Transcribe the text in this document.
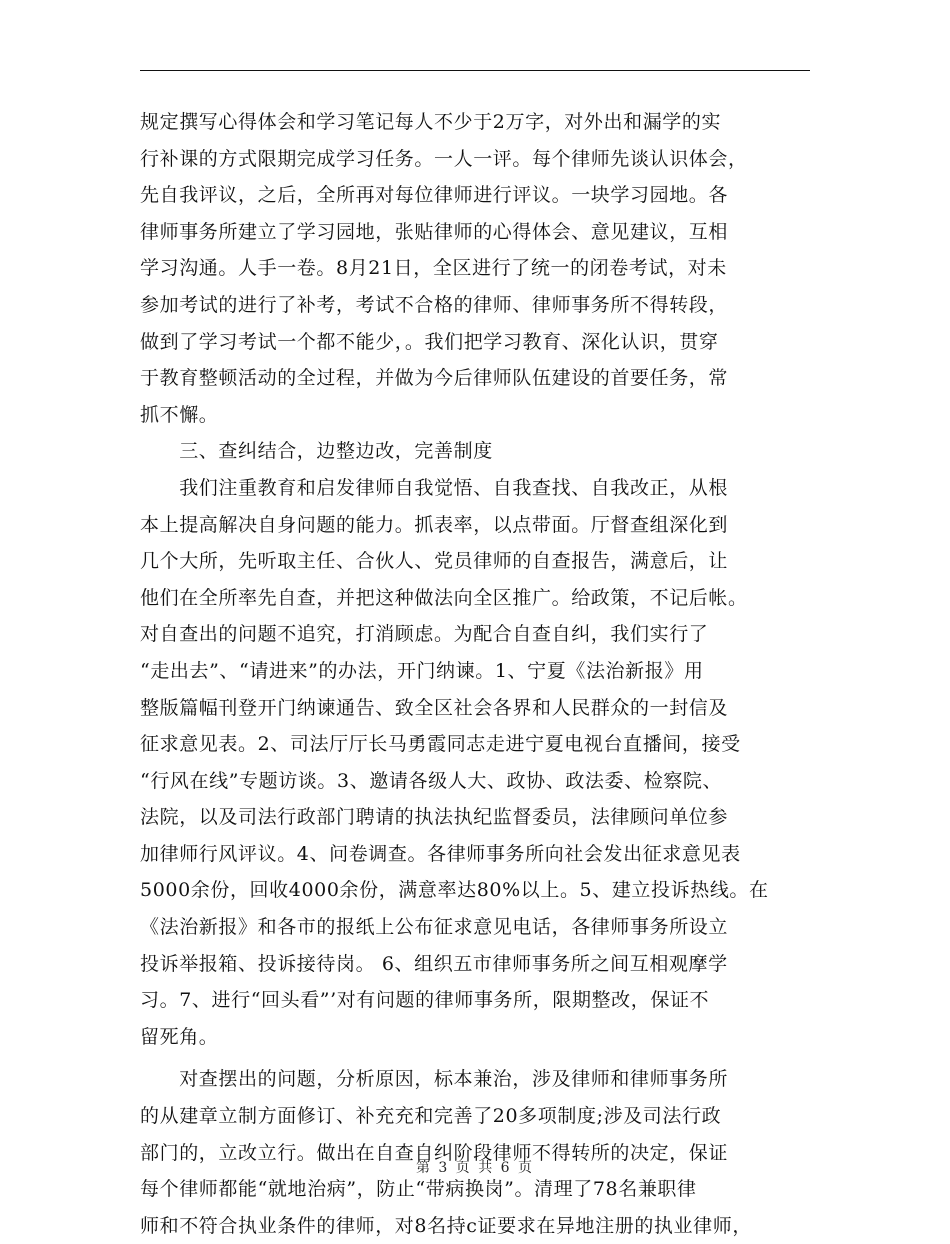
规定撰写心得体会和学习笔记每人不少于2万字，对外出和漏学的实
行补课的方式限期完成学习任务。一人一评。每个律师先谈认识体会，
先自我评议，之后，全所再对每位律师进行评议。一块学习园地。各
律师事务所建立了学习园地，张贴律师的心得体会、意见建议，互相
学习沟通。人手一卷。8月21日，全区进行了统一的闭卷考试，对未
参加考试的进行了补考，考试不合格的律师、律师事务所不得转段，
做到了学习考试一个都不能少，。我们把学习教育、深化认识，贯穿
于教育整顿活动的全过程，并做为今后律师队伍建设的首要任务，常
抓不懈。
　　三、查纠结合，边整边改，完善制度
　　我们注重教育和启发律师自我觉悟、自我查找、自我改正，从根
本上提高解决自身问题的能力。抓表率，以点带面。厅督查组深化到
几个大所，先听取主任、合伙人、党员律师的自查报告，满意后，让
他们在全所率先自查，并把这种做法向全区推广。给政策，不记后帐。
对自查出的问题不追究，打消顾虑。为配合自查自纠，我们实行了
“走出去”、“请进来”的办法，开门纳谏。1、宁夏《法治新报》用
整版篇幅刊登开门纳谏通告、致全区社会各界和人民群众的一封信及
征求意见表。2、司法厅厅长马勇霞同志走进宁夏电视台直播间，接受
“行风在线”专题访谈。3、邀请各级人大、政协、政法委、检察院、
法院，以及司法行政部门聘请的执法执纪监督委员，法律顾问单位参
加律师行风评议。4、问卷调查。各律师事务所向社会发出征求意见表
5000余份，回收4000余份，满意率达80%以上。5、建立投诉热线。在
《法治新报》和各市的报纸上公布征求意见电话，各律师事务所设立
投诉举报箱、投诉接待岗。 6、组织五市律师事务所之间互相观摩学
习。7、进行“回头看”’对有问题的律师事务所，限期整改，保证不
留死角。
　　对查摆出的问题，分析原因，标本兼治，涉及律师和律师事务所
的从建章立制方面修订、补充充和完善了20多项制度;涉及司法行政
部门的，立改立行。做出在自查自纠阶段律师不得转所的决定，保证
每个律师都能“就地治病”，防止“带病换岗”。清理了78名兼职律
师和不符合执业条件的律师，对8名持c证要求在异地注册的执业律师，
第 3 页 共 6 页
